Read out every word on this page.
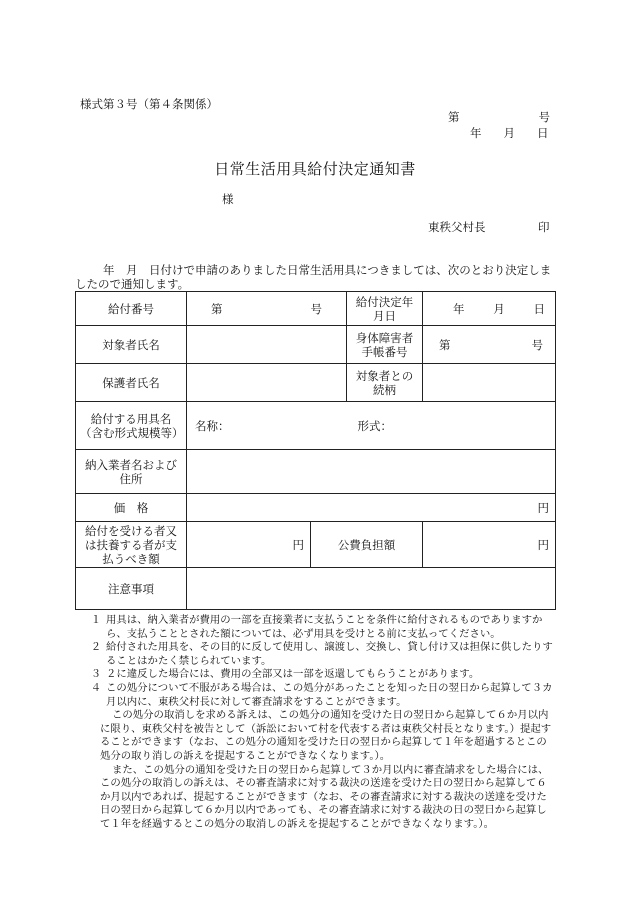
様式第３号（第４条関係）
第	号
年 月 日
日常生活用具給付決定通知書
様
東秩父村長	印
年　月　日付けで申請のありました日常生活用具につきましては、次のとおり決定しましたので通知します。
給付番号	第 号		給付決定年月日	年 月 日

対象者氏名			身体障害者手帳番号	第 号

保護者氏名			対象者との続柄	
給付する用具名（含む形式規模等）	名称： 形式：			

納入業者名および住所				
価　格	円			
給付を受ける者又は扶養する者が支払うべき額	円	公費負担額		円
注意事項				
１ 用具は、納入業者が費用の一部を直接業者に支払うことを条件に給付されるものでありますから、支払うこととされた額については、必ず用具を受けとる前に支払ってください。
２ 給付された用具を、その目的に反して使用し、譲渡し、交換し、貸し付け又は担保に供したりすることはかたく禁じられています。
３ ２に違反した場合には、費用の全部又は一部を返還してもらうことがあります。
４ この処分について不服がある場合は、この処分があったことを知った日の翌日から起算して３カ月以内に、東秩父村長に対して審査請求をすることができます。
この処分の取消しを求める訴えは、この処分の通知を受けた日の翌日から起算して６か月以内に限り、東秩父村を被告として（訴訟において村を代表する者は東秩父村長となります。）提起することができます（なお、この処分の通知を受けた日の翌日から起算して１年を超過するとこの処分の取り消しの訴えを提起することができなくなります。）。
また、この処分の通知を受けた日の翌日から起算して３か月以内に審査請求をした場合には、この処分の取消しの訴えは、その審査請求に対する裁決の送達を受けた日の翌日から起算して６か月以内であれば、提起することができます（なお、その審査請求に対する裁決の送達を受けた日の翌日から起算して６か月以内であっても、その審査請求に対する裁決の日の翌日から起算して１年を経過するとこの処分の取消しの訴えを提起することができなくなります。）。
